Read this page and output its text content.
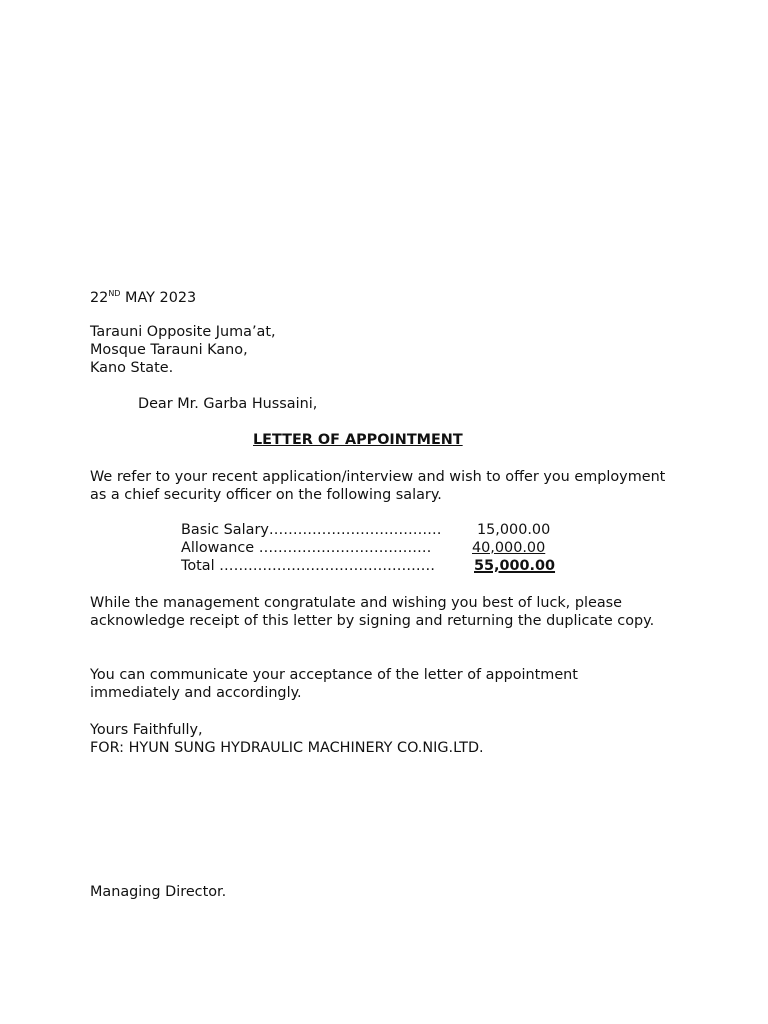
22ND MAY 2023
Tarauni Opposite Juma’at,
Mosque Tarauni Kano,
Kano State.
Dear Mr. Garba Hussaini,
LETTER OF APPOINTMENT
We refer to your recent application/interview and wish to offer you employment as a chief security officer on the following salary.
Basic Salary……………………………… 15,000.00
Allowance ………………………………	40,000.00
Total ………………………………………	55,000.00
While the management congratulate and wishing you best of luck, please acknowledge receipt of this letter by signing and returning the duplicate copy.
You can communicate your acceptance of the letter of appointment immediately and accordingly.
Yours Faithfully,
FOR: HYUN SUNG HYDRAULIC MACHINERY CO.NIG.LTD.
Managing Director.
